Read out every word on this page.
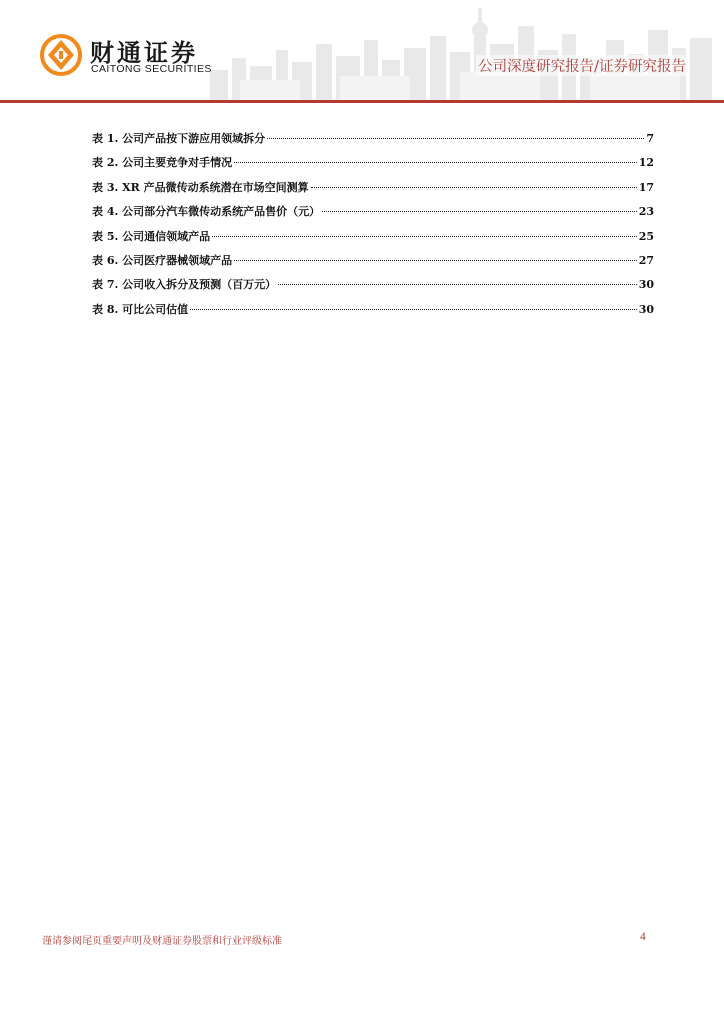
财通证券
CAITONG SECURITIES	公司深度研究报告/证券研究报告
表 1. 公司产品按下游应用领域拆分	7
表 2. 公司主要竞争对手情况	12
表 3. XR 产品微传动系统潜在市场空间测算	17
表 4. 公司部分汽车微传动系统产品售价（元）	23
表 5. 公司通信领域产品	25
表 6. 公司医疗器械领域产品	27
表 7. 公司收入拆分及预测（百万元）	30
表 8. 可比公司估值	30
谨请参阅尾页重要声明及财通证券股票和行业评级标准	4
